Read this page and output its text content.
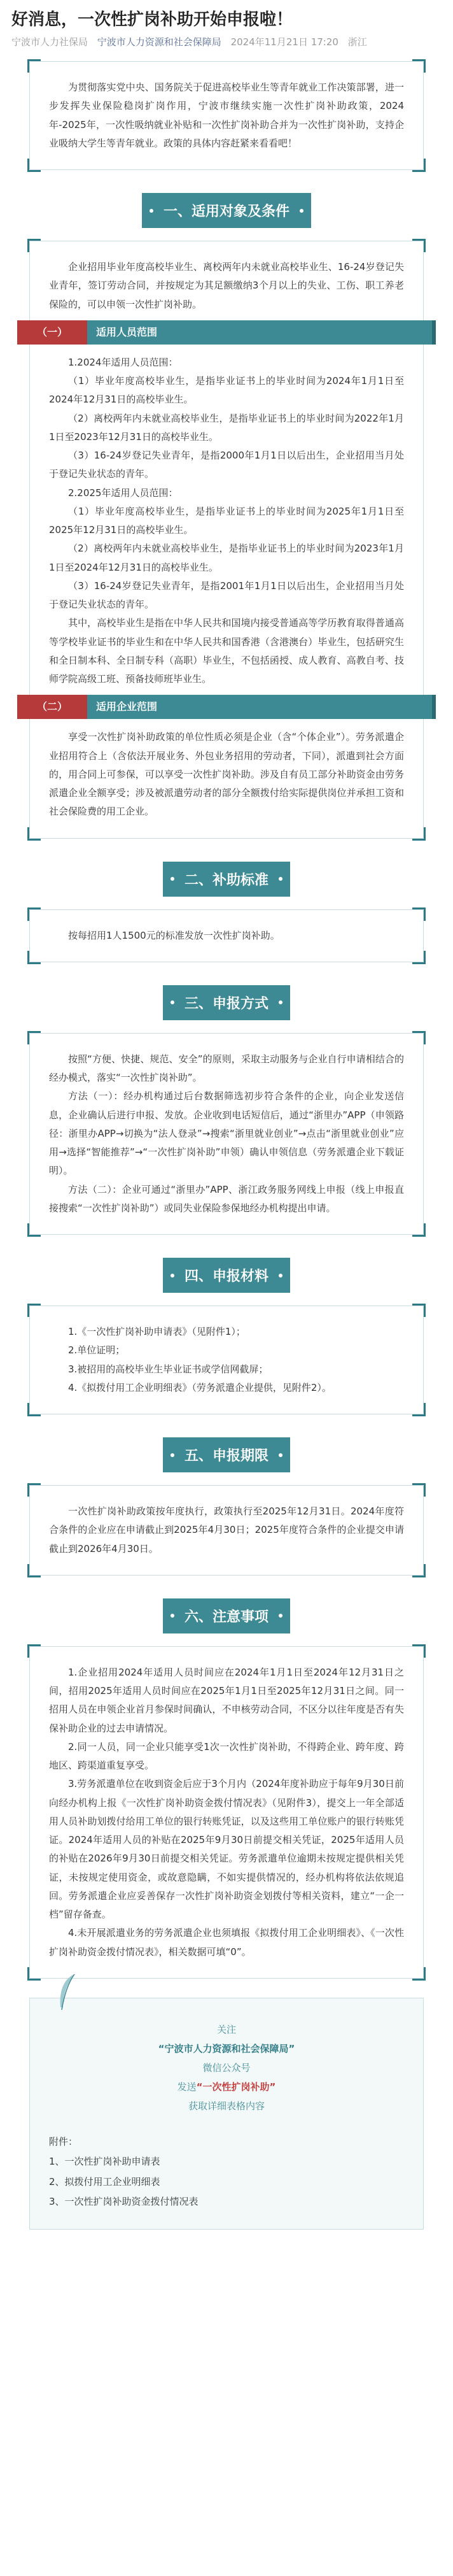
好消息，一次性扩岗补助开始申报啦！
宁波市人力社保局 宁波市人力资源和社会保障局 2024年11月21日 17:20 浙江

为贯彻落实党中央、国务院关于促进高校毕业生等青年就业工作决策部署，进一步发挥失业保险稳岗扩岗作用，宁波市继续实施一次性扩岗补助政策，2024年-2025年，一次性吸纳就业补贴和一次性扩岗补助合并为一次性扩岗补助，支持企业吸纳大学生等青年就业。政策的具体内容赶紧来看看吧！

一、适用对象及条件

企业招用毕业年度高校毕业生、离校两年内未就业高校毕业生、16-24岁登记失业青年，签订劳动合同，并按规定为其足额缴纳3个月以上的失业、工伤、职工养老保险的，可以申领一次性扩岗补助。

（一）	适用人员范围

1.2024年适用人员范围：

（1）毕业年度高校毕业生，是指毕业证书上的毕业时间为2024年1月1日至2024年12月31日的高校毕业生。

（2）离校两年内未就业高校毕业生，是指毕业证书上的毕业时间为2022年1月1日至2023年12月31日的高校毕业生。

（3）16-24岁登记失业青年，是指2000年1月1日以后出生，企业招用当月处于登记失业状态的青年。

2.2025年适用人员范围：

（1）毕业年度高校毕业生，是指毕业证书上的毕业时间为2025年1月1日至2025年12月31日的高校毕业生。

（2）离校两年内未就业高校毕业生，是指毕业证书上的毕业时间为2023年1月1日至2024年12月31日的高校毕业生。

（3）16-24岁登记失业青年，是指2001年1月1日以后出生，企业招用当月处于登记失业状态的青年。

其中，高校毕业生是指在中华人民共和国境内接受普通高等学历教育取得普通高等学校毕业证书的毕业生和在中华人民共和国香港（含港澳台）毕业生，包括研究生和全日制本科、全日制专科（高职）毕业生，不包括函授、成人教育、高教自考、技师学院高级工班、预备技师班毕业生。

（二）	适用企业范围

享受一次性扩岗补助政策的单位性质必须是企业（含“个体企业”）。劳务派遣企业招用符合上（含依法开展业务、外包业务招用的劳动者，下同），派遣到社会方面的，用合同上可参保，可以享受一次性扩岗补助。涉及自有员工部分补助资金由劳务派遣企业全额享受；涉及被派遣劳动者的部分全额拨付给实际提供岗位并承担工资和社会保险费的用工企业。

二、补助标准

按每招用1人1500元的标准发放一次性扩岗补助。

三、申报方式

按照“方便、快捷、规范、安全”的原则，采取主动服务与企业自行申请相结合的经办模式，落实“一次性扩岗补助”。

方法（一）：经办机构通过后台数据筛选初步符合条件的企业，向企业发送信息，企业确认后进行申报、发放。企业收到电话短信后，通过“浙里办”APP（申领路径：浙里办APP→切换为“法人登录”→搜索“浙里就业创业”→点击“浙里就业创业”应用→选择“智能推荐”→“一次性扩岗补助”申领）确认申领信息（劳务派遣企业下载证明）。

方法（二）：企业可通过“浙里办”APP、浙江政务服务网线上申报（线上申报直接搜索“一次性扩岗补助”）或同失业保险参保地经办机构提出申请。

四、申报材料

1.《一次性扩岗补助申请表》（见附件1）；

2.单位证明；

3.被招用的高校毕业生毕业证书或学信网截屏；

4.《拟拨付用工企业明细表》（劳务派遣企业提供，见附件2）。

五、申报期限

一次性扩岗补助政策按年度执行，政策执行至2025年12月31日。2024年度符合条件的企业应在申请截止到2025年4月30日；2025年度符合条件的企业提交申请截止到2026年4月30日。

六、注意事项

1.企业招用2024年适用人员时间应在2024年1月1日至2024年12月31日之间，招用2025年适用人员时间应在2025年1月1日至2025年12月31日之间。同一招用人员在申领企业首月参保时间确认，不申核劳动合同，不区分以往年度是否有失保补助企业的过去申请情况。

2.同一人员，同一企业只能享受1次一次性扩岗补助，不得跨企业、跨年度、跨地区、跨渠道重复享受。

3.劳务派遣单位在收到资金后应于3个月内（2024年度补助应于每年9月30日前向经办机构上报《一次性扩岗补助资金拨付情况表》（见附件3），提交上一年全部适用人员补助划拨付给用工单位的银行转账凭证，以及这些用工单位账户的银行转账凭证。2024年适用人员的补贴在2025年9月30日前提交相关凭证，2025年适用人员的补贴在2026年9月30日前提交相关凭证。劳务派遣单位逾期未按规定提供相关凭证，未按规定使用资金，或故意隐瞒，不如实提供情况的，经办机构将依法依规追回。劳务派遣企业应妥善保存一次性扩岗补助资金划拨付等相关资料，建立“一企一档”留存备查。

4.未开展派遣业务的劳务派遣企业也须填报《拟拨付用工企业明细表》、《一次性扩岗补助资金拨付情况表》，相关数据可填“0”。

关注
“宁波市人力资源和社会保障局”
微信公众号
发送“一次性扩岗补助”
获取详细表格内容
附件：
1、一次性扩岗补助申请表
2、拟拨付用工企业明细表
3、一次性扩岗补助资金拨付情况表
